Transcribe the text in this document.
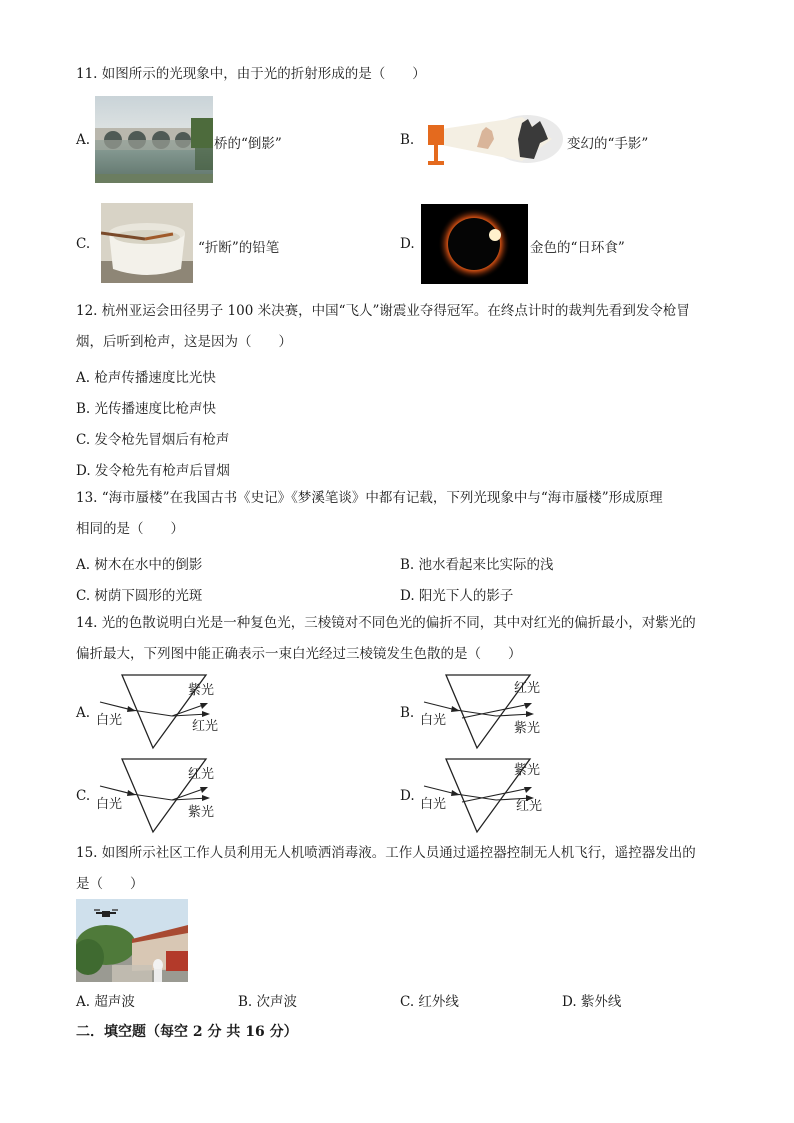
11. 如图所示的光现象中，由于光的折射形成的是（　　）
A.	桥的“倒影”	B.	变幻的“手影”
C.	“折断”的铅笔	D.	金色的“日环食”
12. 杭州亚运会田径男子 100 米决赛，中国“飞人”谢震业夺得冠军。在终点计时的裁判先看到发令枪冒
烟，后听到枪声，这是因为（　　）
A. 枪声传播速度比光快
B. 光传播速度比枪声快
C. 发令枪先冒烟后有枪声
D. 发令枪先有枪声后冒烟
13. “海市蜃楼”在我国古书《史记》《梦溪笔谈》中都有记载，下列光现象中与“海市蜃楼”形成原理
相同的是（　　）
A. 树木在水中的倒影	B. 池水看起来比实际的浅
C. 树荫下圆形的光斑	D. 阳光下人的影子
14. 光的色散说明白光是一种复色光，三棱镜对不同色光的偏折不同，其中对红光的偏折最小，对紫光的
偏折最大，下列图中能正确表示一束白光经过三棱镜发生色散的是（　　）
A. 白光
紫光
红光
B. 白光
红光
紫光
C.
白光
红光
紫光
D.
白光
紫光
红光
15. 如图所示社区工作人员利用无人机喷洒消毒液。工作人员通过遥控器控制无人机飞行，遥控器发出的
是（　　）
A. 超声波	B. 次声波	C. 红外线	D. 紫外线
二．填空题（每空 2 分 共 16 分）
